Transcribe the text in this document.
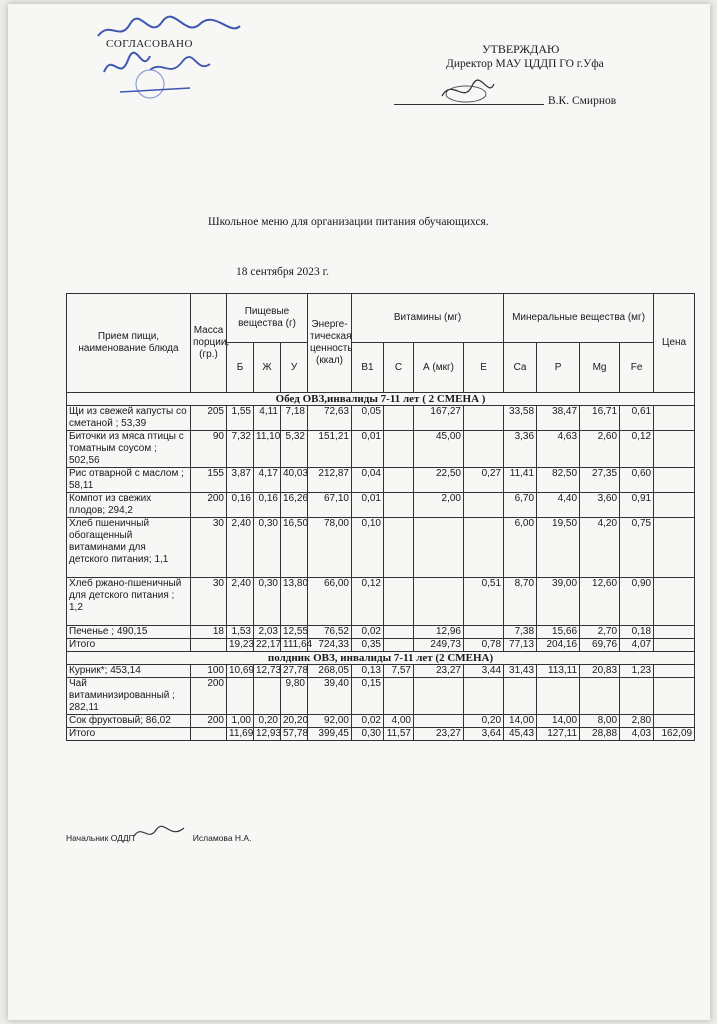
СОГЛАСОВАНО	УТВЕРЖДАЮ
Директор МАУ ЦДДП ГО г.Уфа
В.К. Смирнов
Школьное меню для организации питания обучающихся.
18 сентября 2023 г.
Прием пищи, наименование блюда	Масса порции, (гр.)	Пищевые вещества (г)			Энерге-тическая ценность (ккал)	Витамины (мг)				Минеральные вещества (мг)				Цена
		Б	Ж	У		В1	С	А (мкг)	Е	Са	Р	Mg	Fe	
Обед ОВЗ,инвалиды 7-11 лет ( 2 СМЕНА )														
Щи из свежей капусты со сметаной ; 53,39	205	1,55	4,11	7,18	72,63	0,05		167,27		33,58	38,47	16,71	0,61	
Биточки из мяса птицы с томатным соусом ; 502,56	90	7,32	11,10	5,32	151,21	0,01		45,00		3,36	4,63	2,60	0,12	
Рис отварной с маслом ; 58,11	155	3,87	4,17	40,03	212,87	0,04		22,50	0,27	11,41	82,50	27,35	0,60	
Компот из свежих плодов; 294,2	200	0,16	0,16	16,26	67,10	0,01		2,00		6,70	4,40	3,60	0,91	
Хлеб пшеничный обогащенный витаминами для детского питания; 1,1	30	2,40	0,30	16,50	78,00	0,10				6,00	19,50	4,20	0,75	
Хлеб ржано-пшеничный для детского питания ; 1,2	30	2,40	0,30	13,80	66,00	0,12			0,51	8,70	39,00	12,60	0,90	
Печенье ; 490,15	18	1,53	2,03	12,55	76,52	0,02		12,96		7,38	15,66	2,70	0,18	
Итого		19,23	22,17	111,64	724,33	0,35		249,73	0,78	77,13	204,16	69,76	4,07	
полдник ОВЗ, инвалиды 7-11 лет (2 СМЕНА)														
Курник*; 453,14	100	10,69	12,73	27,78	268,05	0,13	7,57	23,27	3,44	31,43	113,11	20,83	1,23	
Чай витаминизированный ; 282,11	200			9,80	39,40	0,15								
Сок фруктовый; 86,02	200	1,00	0,20	20,20	92,00	0,02	4,00		0,20	14,00	14,00	8,00	2,80	
Итого		11,69	12,93	57,78	399,45	0,30	11,57	23,27	3,64	45,43	127,11	28,88	4,03	162,09
Начальник ОДДП	Исламова Н.А.
